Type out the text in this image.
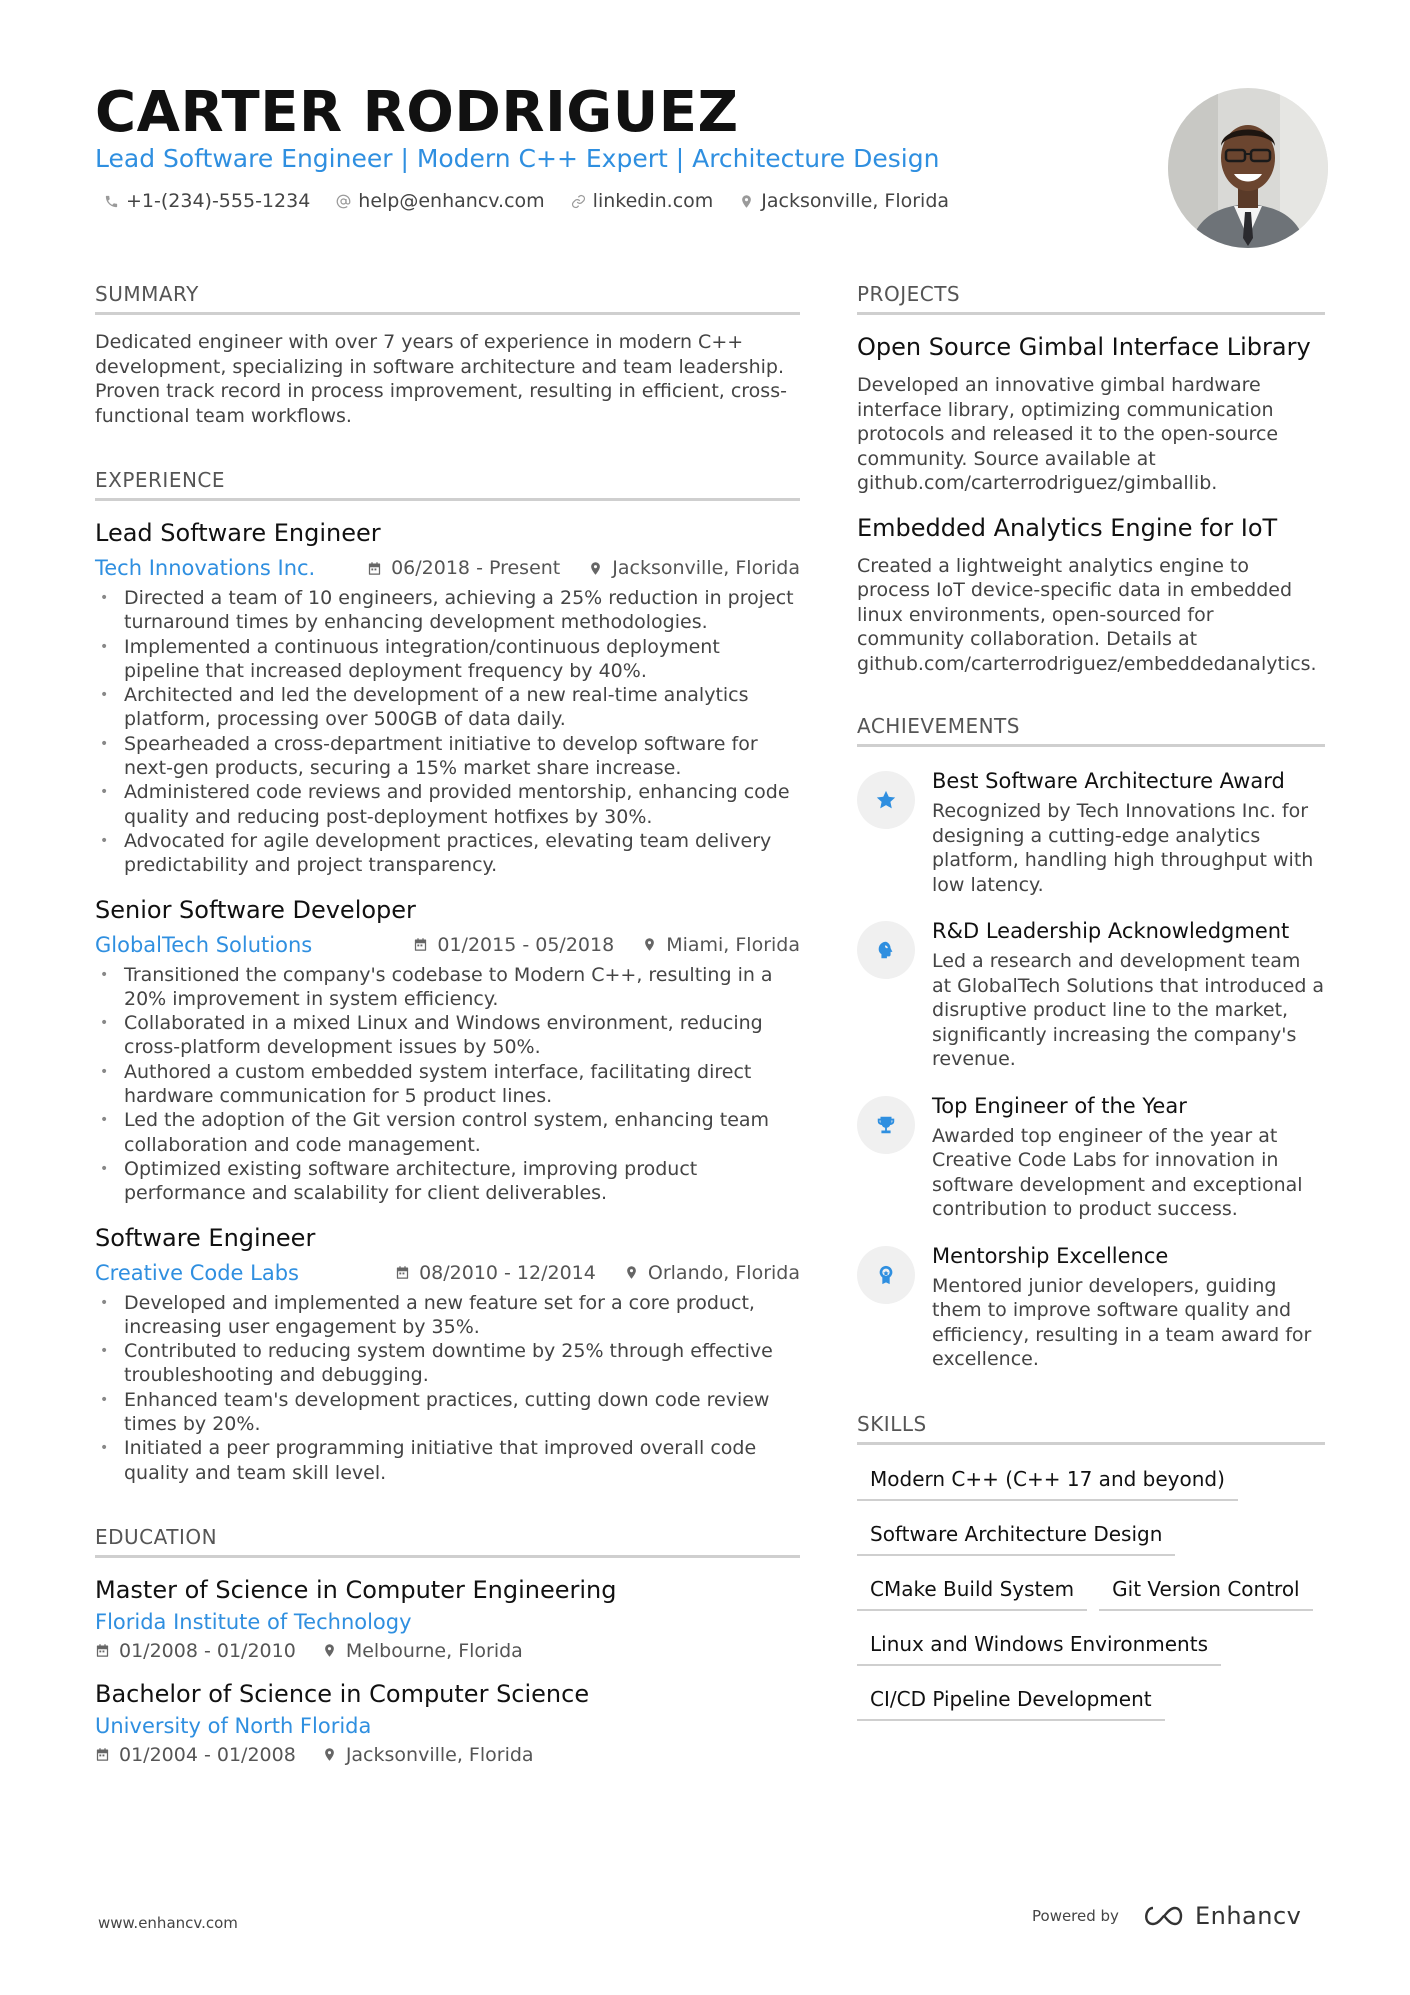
CARTER RODRIGUEZ
Lead Software Engineer | Modern C++ Expert | Architecture Design
+1-(234)-555-1234	help@enhancv.com	linkedin.com	Jacksonville, Florida
SUMMARY
Dedicated engineer with over 7 years of experience in modern C++ development, specializing in software architecture and team leadership. Proven track record in process improvement, resulting in efficient, cross-functional team workflows.
EXPERIENCE
Lead Software Engineer
Tech Innovations Inc.	06/2018 - Present	Jacksonville, Florida
• Directed a team of 10 engineers, achieving a 25% reduction in project turnaround times by enhancing development methodologies.
• Implemented a continuous integration/continuous deployment pipeline that increased deployment frequency by 40%.
• Architected and led the development of a new real-time analytics platform, processing over 500GB of data daily.
• Spearheaded a cross-department initiative to develop software for next-gen products, securing a 15% market share increase.
• Administered code reviews and provided mentorship, enhancing code quality and reducing post-deployment hotfixes by 30%.
• Advocated for agile development practices, elevating team delivery predictability and project transparency.
Senior Software Developer
GlobalTech Solutions	01/2015 - 05/2018	Miami, Florida
• Transitioned the company's codebase to Modern C++, resulting in a 20% improvement in system efficiency.
• Collaborated in a mixed Linux and Windows environment, reducing cross-platform development issues by 50%.
• Authored a custom embedded system interface, facilitating direct hardware communication for 5 product lines.
• Led the adoption of the Git version control system, enhancing team collaboration and code management.
• Optimized existing software architecture, improving product performance and scalability for client deliverables.
Software Engineer
Creative Code Labs	08/2010 - 12/2014	Orlando, Florida
• Developed and implemented a new feature set for a core product, increasing user engagement by 35%.
• Contributed to reducing system downtime by 25% through effective troubleshooting and debugging.
• Enhanced team's development practices, cutting down code review times by 20%.
• Initiated a peer programming initiative that improved overall code quality and team skill level.
EDUCATION
Master of Science in Computer Engineering
Florida Institute of Technology
01/2008 - 01/2010	Melbourne, Florida
Bachelor of Science in Computer Science
University of North Florida
01/2004 - 01/2008	Jacksonville, Florida
PROJECTS
Open Source Gimbal Interface Library
Developed an innovative gimbal hardware interface library, optimizing communication protocols and released it to the open-source community. Source available at github.com/carterrodriguez/gimballib.
Embedded Analytics Engine for IoT
Created a lightweight analytics engine to process IoT device-specific data in embedded linux environments, open-sourced for community collaboration. Details at github.com/carterrodriguez/embeddedanalytics.
ACHIEVEMENTS
Best Software Architecture Award
Recognized by Tech Innovations Inc. for designing a cutting-edge analytics platform, handling high throughput with low latency.
R&D Leadership Acknowledgment
Led a research and development team at GlobalTech Solutions that introduced a disruptive product line to the market, significantly increasing the company's revenue.
Top Engineer of the Year
Awarded top engineer of the year at Creative Code Labs for innovation in software development and exceptional contribution to product success.
Mentorship Excellence
Mentored junior developers, guiding them to improve software quality and efficiency, resulting in a team award for excellence.
SKILLS
Modern C++ (C++ 17 and beyond)
Software Architecture Design
CMake Build System	Git Version Control
Linux and Windows Environments
CI/CD Pipeline Development
www.enhancv.com	Powered by	Enhancv
